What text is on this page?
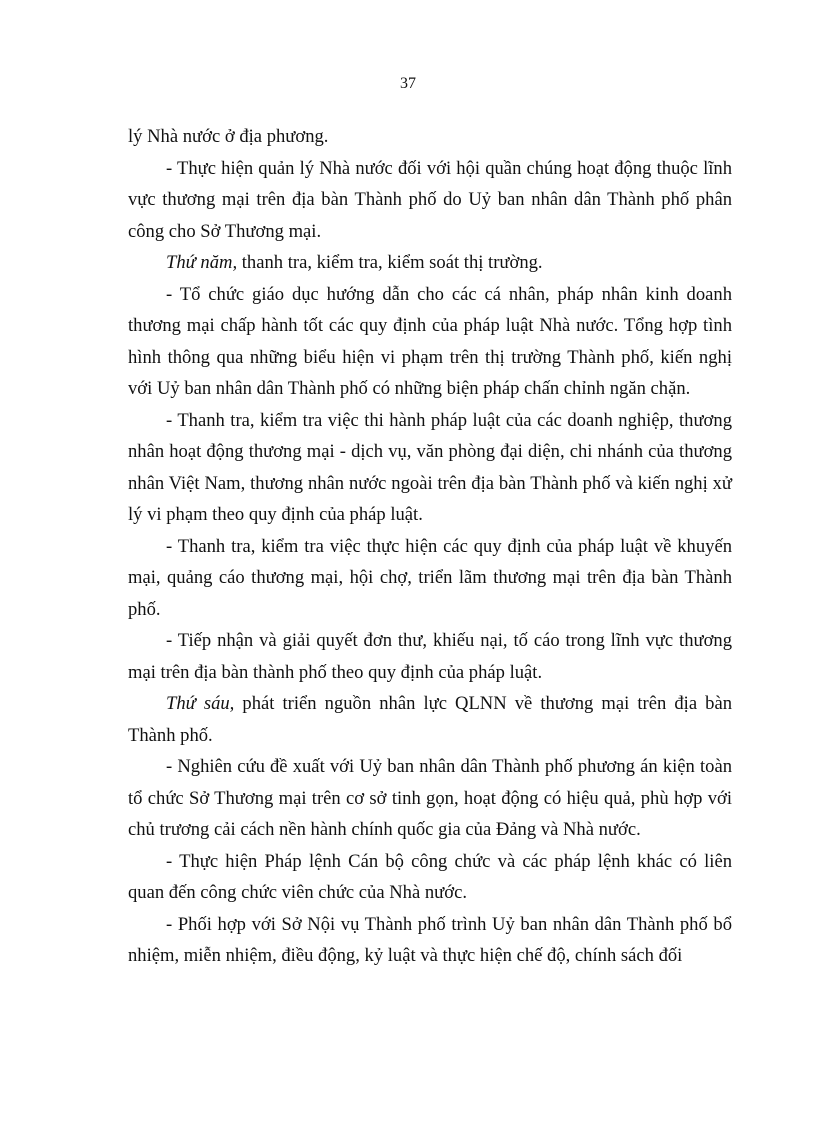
37

lý Nhà nước ở địa phương.

- Thực hiện quản lý Nhà nước đối với hội quần chúng hoạt động thuộc lĩnh vực thương mại trên địa bàn Thành phố do Uỷ ban nhân dân Thành phố phân công cho Sở Thương mại.

Thứ năm, thanh tra, kiểm tra, kiểm soát thị trường.

- Tổ chức giáo dục hướng dẫn cho các cá nhân, pháp nhân kinh doanh thương mại chấp hành tốt các quy định của pháp luật Nhà nước. Tổng hợp tình hình thông qua những biểu hiện vi phạm trên thị trường Thành phố, kiến nghị với Uỷ ban nhân dân Thành phố có những biện pháp chấn chỉnh ngăn chặn.

- Thanh tra, kiểm tra việc thi hành pháp luật của các doanh nghiệp, thương nhân hoạt động thương mại - dịch vụ, văn phòng đại diện, chi nhánh của thương nhân Việt Nam, thương nhân nước ngoài trên địa bàn Thành phố và kiến nghị xử lý vi phạm theo quy định của pháp luật.

- Thanh tra, kiểm tra việc thực hiện các quy định của pháp luật về khuyến mại, quảng cáo thương mại, hội chợ, triển lãm thương mại trên địa bàn Thành phố.

- Tiếp nhận và giải quyết đơn thư, khiếu nại, tố cáo trong lĩnh vực thương mại trên địa bàn thành phố theo quy định của pháp luật.

Thứ sáu, phát triển nguồn nhân lực QLNN về thương mại trên địa bàn Thành phố.

- Nghiên cứu đề xuất với Uỷ ban nhân dân Thành phố phương án kiện toàn tổ chức Sở Thương mại trên cơ sở tinh gọn, hoạt động có hiệu quả, phù hợp với chủ trương cải cách nền hành chính quốc gia của Đảng và Nhà nước.

- Thực hiện Pháp lệnh Cán bộ công chức và các pháp lệnh khác có liên quan đến công chức viên chức của Nhà nước.

- Phối hợp với Sở Nội vụ Thành phố trình Uỷ ban nhân dân Thành phố bổ nhiệm, miễn nhiệm, điều động, kỷ luật và thực hiện chế độ, chính sách đối
